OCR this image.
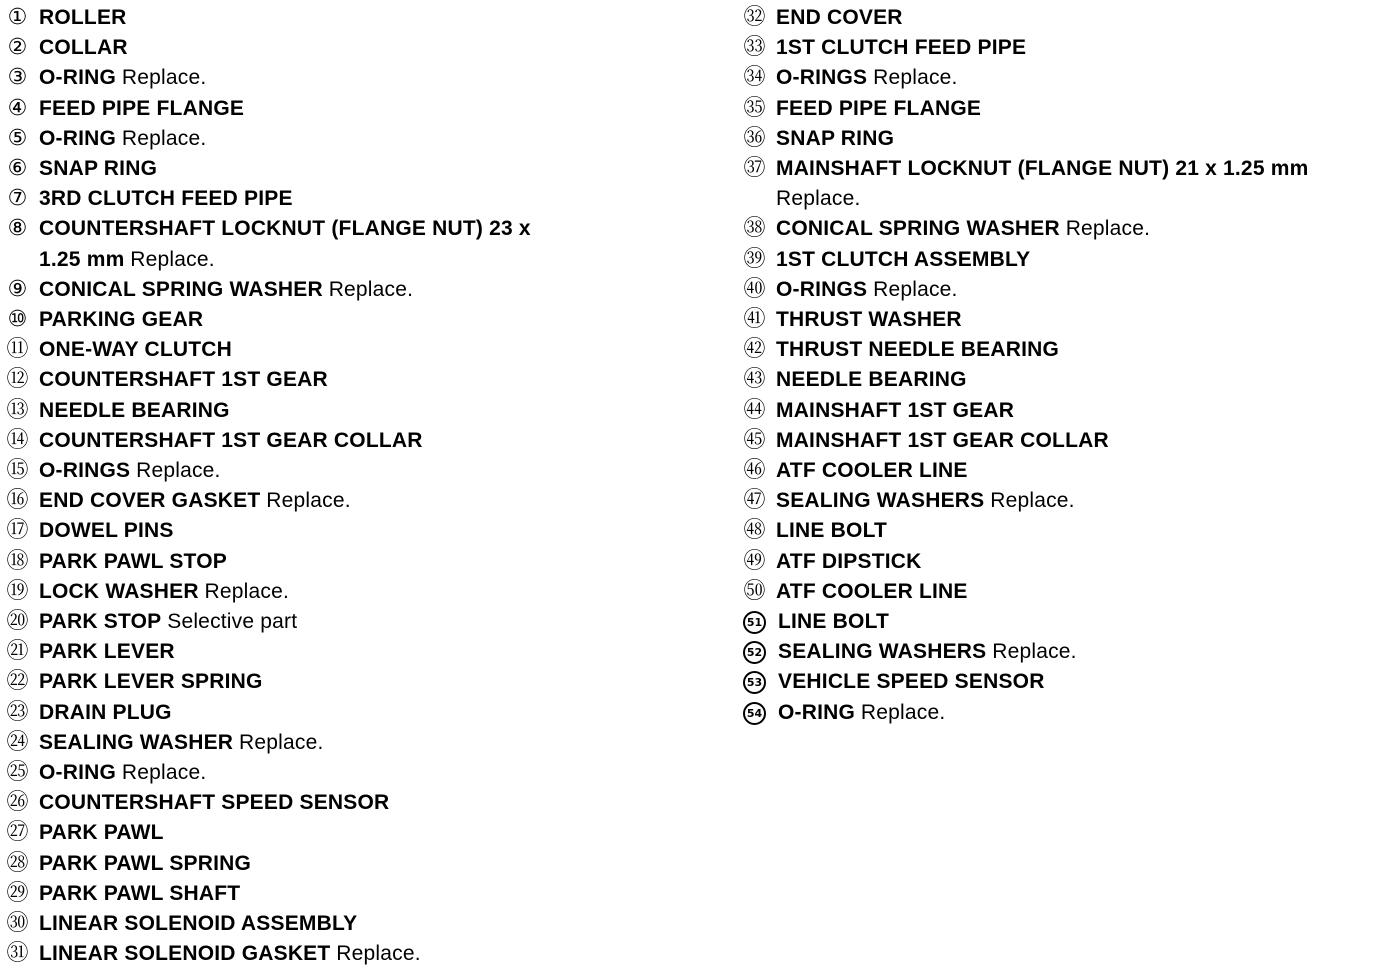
① ROLLER
② COLLAR
③ O-RING Replace.
④ FEED PIPE FLANGE
⑤ O-RING Replace.
⑥ SNAP RING
⑦ 3RD CLUTCH FEED PIPE
⑧ COUNTERSHAFT LOCKNUT (FLANGE NUT) 23 x 1.25 mm Replace.
⑨ CONICAL SPRING WASHER Replace.
⑩ PARKING GEAR
⑪ ONE-WAY CLUTCH
⑫ COUNTERSHAFT 1ST GEAR
⑬ NEEDLE BEARING
⑭ COUNTERSHAFT 1ST GEAR COLLAR
⑮ O-RINGS Replace.
⑯ END COVER GASKET Replace.
⑰ DOWEL PINS
⑱ PARK PAWL STOP
⑲ LOCK WASHER Replace.
⑳ PARK STOP Selective part
㉑ PARK LEVER
㉒ PARK LEVER SPRING
㉓ DRAIN PLUG
㉔ SEALING WASHER Replace.
㉕ O-RING Replace.
㉖ COUNTERSHAFT SPEED SENSOR
㉗ PARK PAWL
㉘ PARK PAWL SPRING
㉙ PARK PAWL SHAFT
㉚ LINEAR SOLENOID ASSEMBLY
㉛ LINEAR SOLENOID GASKET Replace.
㉜ END COVER
㉝ 1ST CLUTCH FEED PIPE
㉞ O-RINGS Replace.
㉟ FEED PIPE FLANGE
㊱ SNAP RING
㊲ MAINSHAFT LOCKNUT (FLANGE NUT) 21 x 1.25 mm Replace.
㊳ CONICAL SPRING WASHER Replace.
㊴ 1ST CLUTCH ASSEMBLY
㊵ O-RINGS Replace.
㊶ THRUST WASHER
㊷ THRUST NEEDLE BEARING
㊸ NEEDLE BEARING
㊹ MAINSHAFT 1ST GEAR
㊺ MAINSHAFT 1ST GEAR COLLAR
㊻ ATF COOLER LINE
㊼ SEALING WASHERS Replace.
㊽ LINE BOLT
㊾ ATF DIPSTICK
㊿ ATF COOLER LINE
51 LINE BOLT
52 SEALING WASHERS Replace.
53 VEHICLE SPEED SENSOR
54 O-RING Replace.
